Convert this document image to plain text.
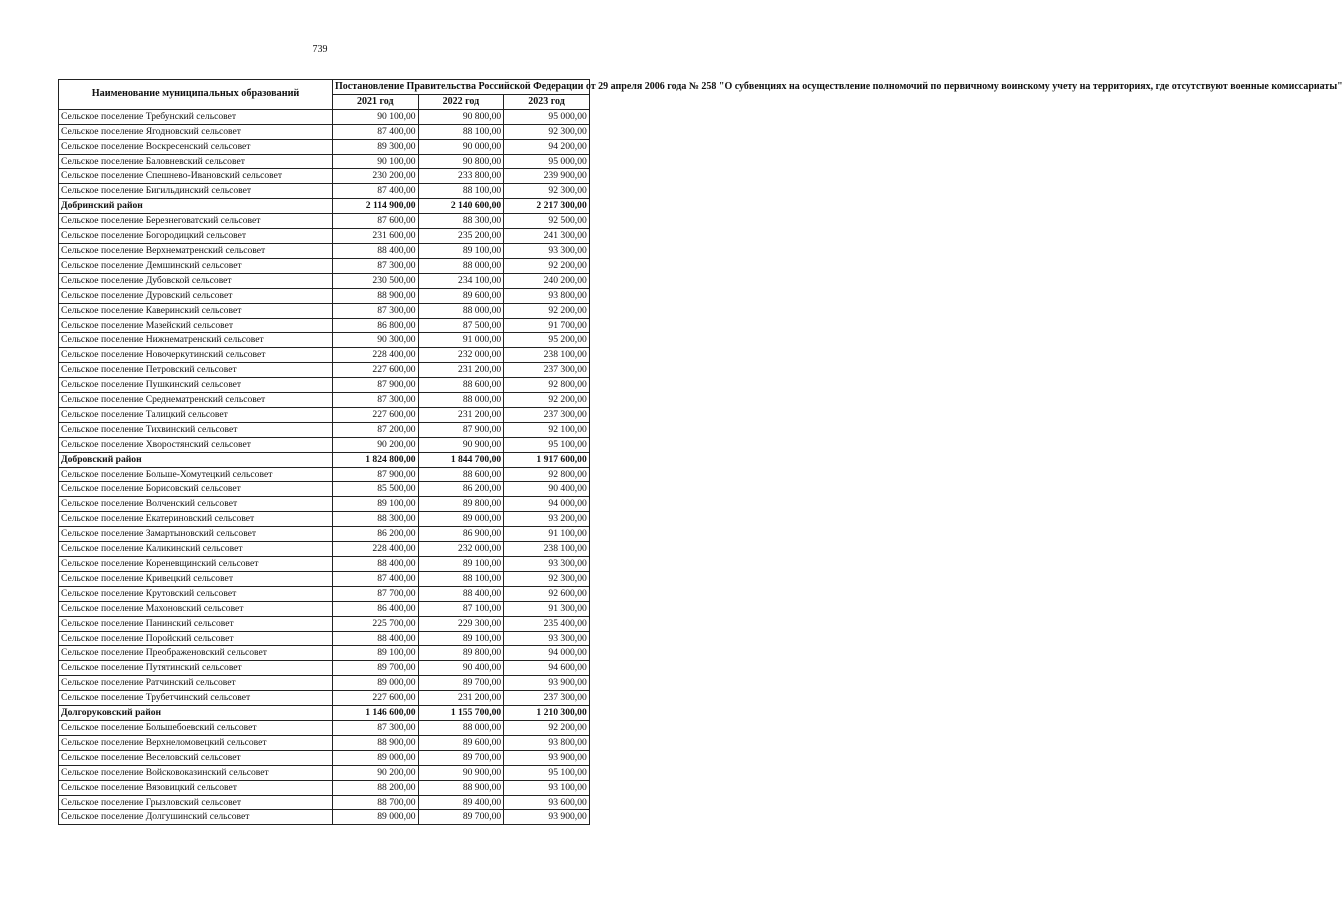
739
Наименование муниципальных образований	Постановление Правительства Российской Федерации от 29 апреля 2006 года № 258 "О субвенциях на осуществление полномочий по первичному воинскому учету на территориях, где отсутствуют военные комиссариаты"		
	2021 год	2022 год	2023 год
Сельское поселение Требунский сельсовет	90 100,00	90 800,00	95 000,00
Сельское поселение Ягодновский сельсовет	87 400,00	88 100,00	92 300,00
Сельское поселение Воскресенский сельсовет	89 300,00	90 000,00	94 200,00
Сельское поселение Баловневский сельсовет	90 100,00	90 800,00	95 000,00
Сельское поселение Спешнево-Ивановский сельсовет	230 200,00	233 800,00	239 900,00
Сельское поселение Бигильдинский сельсовет	87 400,00	88 100,00	92 300,00
Добринский район	2 114 900,00	2 140 600,00	2 217 300,00
Сельское поселение Березнеговатский сельсовет	87 600,00	88 300,00	92 500,00
Сельское поселение Богородицкий сельсовет	231 600,00	235 200,00	241 300,00
Сельское поселение Верхнематренский сельсовет	88 400,00	89 100,00	93 300,00
Сельское поселение Демшинский сельсовет	87 300,00	88 000,00	92 200,00
Сельское поселение Дубовской сельсовет	230 500,00	234 100,00	240 200,00
Сельское поселение Дуровский сельсовет	88 900,00	89 600,00	93 800,00
Сельское поселение Каверинский сельсовет	87 300,00	88 000,00	92 200,00
Сельское поселение Мазейский сельсовет	86 800,00	87 500,00	91 700,00
Сельское поселение Нижнематренский сельсовет	90 300,00	91 000,00	95 200,00
Сельское поселение Новочеркутинский сельсовет	228 400,00	232 000,00	238 100,00
Сельское поселение Петровский сельсовет	227 600,00	231 200,00	237 300,00
Сельское поселение Пушкинский сельсовет	87 900,00	88 600,00	92 800,00
Сельское поселение Среднематренский сельсовет	87 300,00	88 000,00	92 200,00
Сельское поселение Талицкий сельсовет	227 600,00	231 200,00	237 300,00
Сельское поселение Тихвинский сельсовет	87 200,00	87 900,00	92 100,00
Сельское поселение Хворостянский сельсовет	90 200,00	90 900,00	95 100,00
Добровский район	1 824 800,00	1 844 700,00	1 917 600,00
Сельское поселение Больше-Хомутецкий сельсовет	87 900,00	88 600,00	92 800,00
Сельское поселение Борисовский сельсовет	85 500,00	86 200,00	90 400,00
Сельское поселение Волченский сельсовет	89 100,00	89 800,00	94 000,00
Сельское поселение Екатериновский сельсовет	88 300,00	89 000,00	93 200,00
Сельское поселение Замартыновский сельсовет	86 200,00	86 900,00	91 100,00
Сельское поселение Каликинский сельсовет	228 400,00	232 000,00	238 100,00
Сельское поселение Кореневщинский сельсовет	88 400,00	89 100,00	93 300,00
Сельское поселение Кривецкий сельсовет	87 400,00	88 100,00	92 300,00
Сельское поселение Крутовский сельсовет	87 700,00	88 400,00	92 600,00
Сельское поселение Махоновский сельсовет	86 400,00	87 100,00	91 300,00
Сельское поселение Панинский сельсовет	225 700,00	229 300,00	235 400,00
Сельское поселение Поройский сельсовет	88 400,00	89 100,00	93 300,00
Сельское поселение Преображеновский сельсовет	89 100,00	89 800,00	94 000,00
Сельское поселение Путятинский сельсовет	89 700,00	90 400,00	94 600,00
Сельское поселение Ратчинский сельсовет	89 000,00	89 700,00	93 900,00
Сельское поселение Трубетчинский сельсовет	227 600,00	231 200,00	237 300,00
Долгоруковский район	1 146 600,00	1 155 700,00	1 210 300,00
Сельское поселение Большебоевский сельсовет	87 300,00	88 000,00	92 200,00
Сельское поселение Верхнеломовецкий сельсовет	88 900,00	89 600,00	93 800,00
Сельское поселение Веселовский сельсовет	89 000,00	89 700,00	93 900,00
Сельское поселение Войсковоказинский сельсовет	90 200,00	90 900,00	95 100,00
Сельское поселение Вязовицкий сельсовет	88 200,00	88 900,00	93 100,00
Сельское поселение Грызловский сельсовет	88 700,00	89 400,00	93 600,00
Сельское поселение Долгушинский сельсовет	89 000,00	89 700,00	93 900,00
